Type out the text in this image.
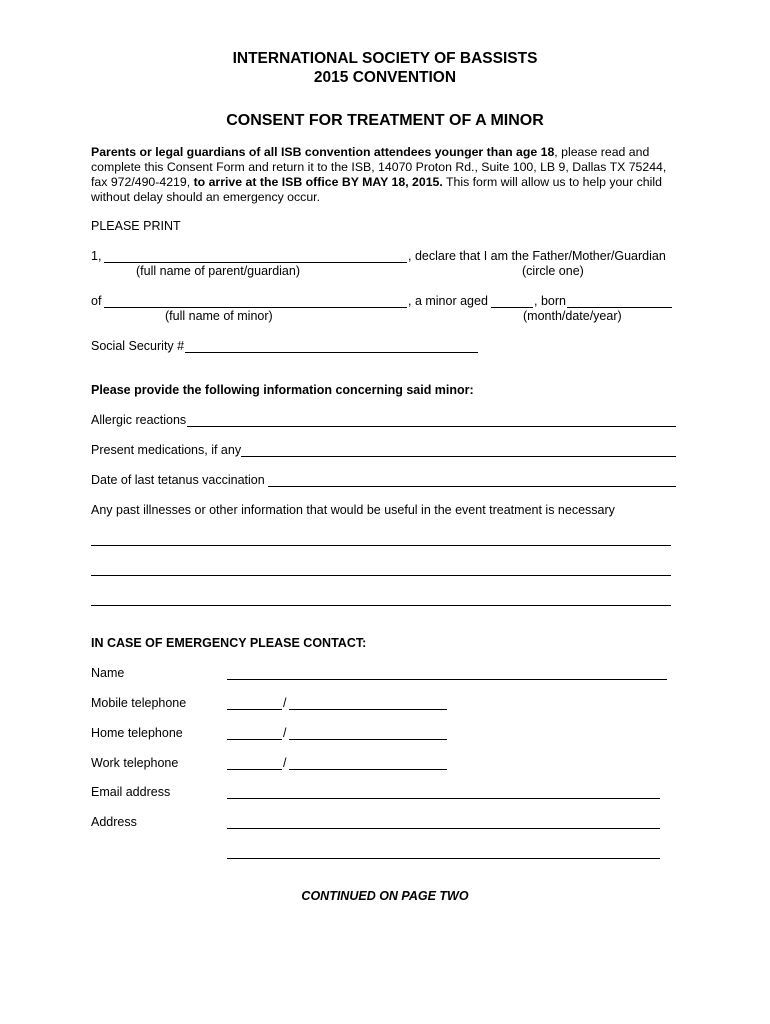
INTERNATIONAL SOCIETY OF BASSISTS
2015 CONVENTION
CONSENT FOR TREATMENT OF A MINOR
Parents or legal guardians of all ISB convention attendees younger than age 18, please read and complete this Consent Form and return it to the ISB, 14070 Proton Rd., Suite 100, LB 9, Dallas TX 75244, fax 972/490-4219, to arrive at the ISB office BY MAY 18, 2015. This form will allow us to help your child without delay should an emergency occur.
PLEASE PRINT
1,	, declare that I am the Father/Mother/Guardian
(full name of parent/guardian)	(circle one)
of	, a minor aged	, born
(full name of minor)	(month/date/year)
Social Security #
Please provide the following information concerning said minor:
Allergic reactions
Present medications, if any
Date of last tetanus vaccination
Any past illnesses or other information that would be useful in the event treatment is necessary
IN CASE OF EMERGENCY PLEASE CONTACT:
Name
Mobile telephone	/
Home telephone	/
Work telephone	/
Email address
Address
CONTINUED ON PAGE TWO
